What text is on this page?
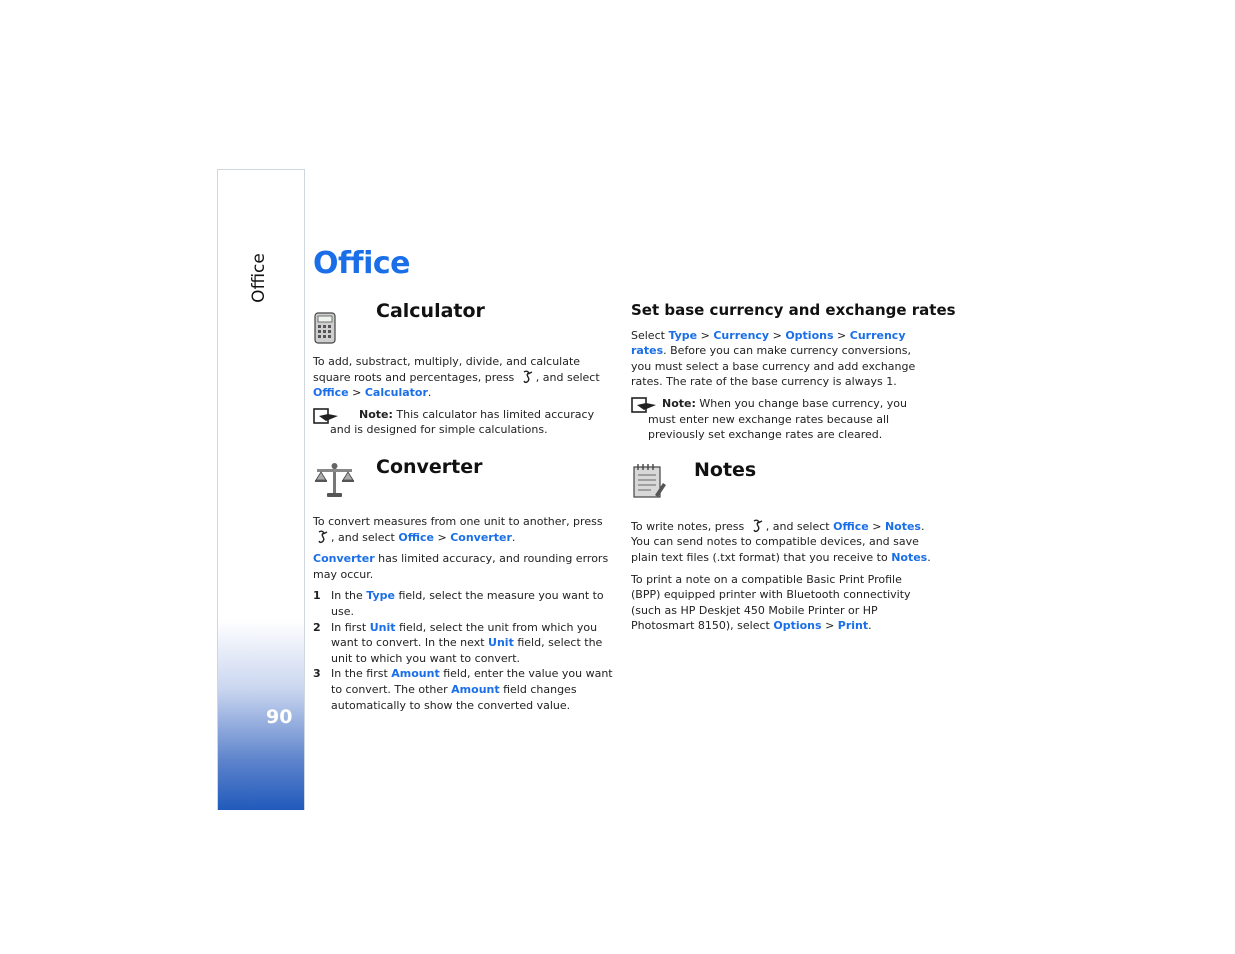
Office
90
Office
Calculator

To add, substract, multiply, divide, and calculate square roots and percentages, press , and select Office > Calculator.

Note: This calculator has limited accuracy and is designed for simple calculations.
Converter

To convert measures from one unit to another, press , and select Office > Converter.

Converter has limited accuracy, and rounding errors may occur.

1 In the Type field, select the measure you want to use.
2 In first Unit field, select the unit from which you want to convert. In the next Unit field, select the unit to which you want to convert.
3 In the first Amount field, enter the value you want to convert. The other Amount field changes automatically to show the converted value.
Set base currency and exchange rates

Select Type > Currency > Options > Currency rates. Before you can make currency conversions, you must select a base currency and add exchange rates. The rate of the base currency is always 1.

Note: When you change base currency, you must enter new exchange rates because all previously set exchange rates are cleared.
Notes

To write notes, press , and select Office > Notes. You can send notes to compatible devices, and save plain text files (.txt format) that you receive to Notes.

To print a note on a compatible Basic Print Profile (BPP) equipped printer with Bluetooth connectivity (such as HP Deskjet 450 Mobile Printer or HP Photosmart 8150), select Options > Print.
